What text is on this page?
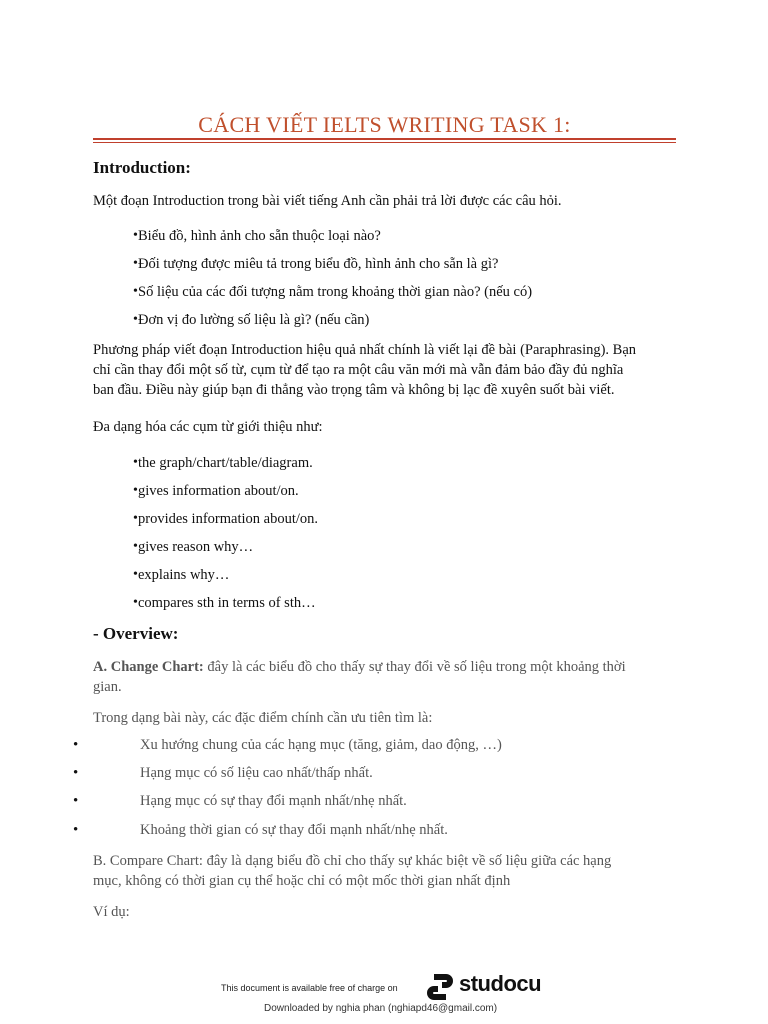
CÁCH VIẾT IELTS WRITING TASK 1:
Introduction:
Một đoạn Introduction trong bài viết tiếng Anh cần phải trả lời được các câu hỏi.
• Biểu đồ, hình ảnh cho sẵn thuộc loại nào?
• Đối tượng được miêu tả trong biểu đồ, hình ảnh cho sẵn là gì?
• Số liệu của các đối tượng nằm trong khoảng thời gian nào? (nếu có)
• Đơn vị đo lường số liệu là gì? (nếu cần)
Phương pháp viết đoạn Introduction hiệu quả nhất chính là viết lại đề bài (Paraphrasing). Bạn
chỉ cần thay đổi một số từ, cụm từ để tạo ra một câu văn mới mà vẫn đảm bảo đầy đủ nghĩa
ban đầu. Điều này giúp bạn đi thẳng vào trọng tâm và không bị lạc đề xuyên suốt bài viết.
Đa dạng hóa các cụm từ giới thiệu như:
• the graph/chart/table/diagram.
• gives information about/on.
• provides information about/on.
• gives reason why…
• explains why…
• compares sth in terms of sth…
- Overview:
A. Change Chart: đây là các biểu đồ cho thấy sự thay đổi về số liệu trong một khoảng thời
gian.
Trong dạng bài này, các đặc điểm chính cần ưu tiên tìm là:
• Xu hướng chung của các hạng mục (tăng, giảm, dao động, …)
• Hạng mục có số liệu cao nhất/thấp nhất.
• Hạng mục có sự thay đổi mạnh nhất/nhẹ nhất.
• Khoảng thời gian có sự thay đổi mạnh nhất/nhẹ nhất.
B. Compare Chart: đây là dạng biểu đồ chỉ cho thấy sự khác biệt về số liệu giữa các hạng
mục, không có thời gian cụ thể hoặc chỉ có một mốc thời gian nhất định
Ví dụ:
This document is available free of charge on	studocu
Downloaded by nghia phan (nghiapd46@gmail.com)
